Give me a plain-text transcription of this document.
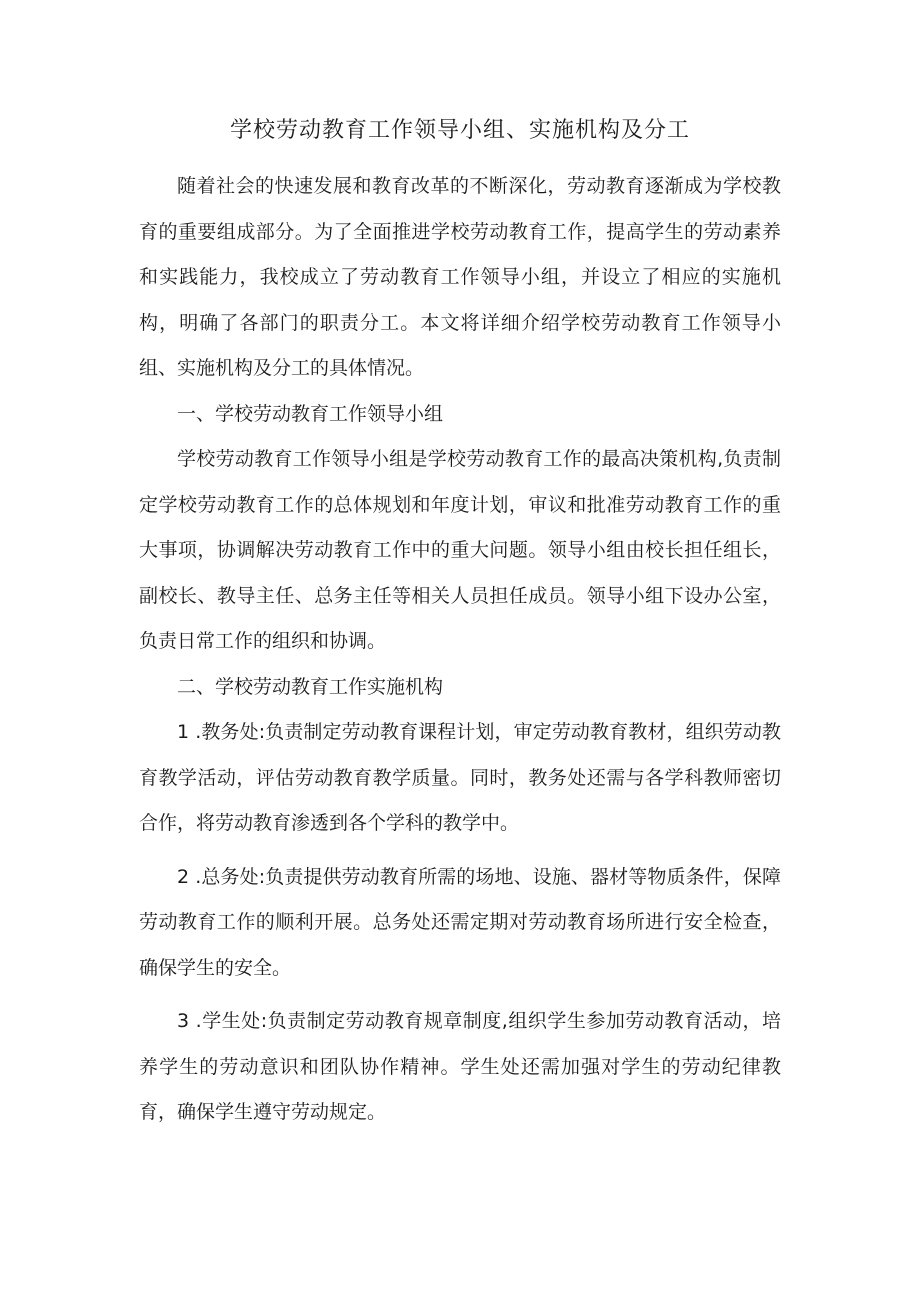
学校劳动教育工作领导小组、实施机构及分工

随着社会的快速发展和教育改革的不断深化，劳动教育逐渐成为学校教育的重要组成部分。为了全面推进学校劳动教育工作，提高学生的劳动素养和实践能力，我校成立了劳动教育工作领导小组，并设立了相应的实施机构，明确了各部门的职责分工。本文将详细介绍学校劳动教育工作领导小组、实施机构及分工的具体情况。

一、学校劳动教育工作领导小组

学校劳动教育工作领导小组是学校劳动教育工作的最高决策机构,负责制定学校劳动教育工作的总体规划和年度计划，审议和批准劳动教育工作的重大事项，协调解决劳动教育工作中的重大问题。领导小组由校长担任组长，副校长、教导主任、总务主任等相关人员担任成员。领导小组下设办公室，负责日常工作的组织和协调。

二、学校劳动教育工作实施机构

1 .教务处:负责制定劳动教育课程计划，审定劳动教育教材，组织劳动教育教学活动，评估劳动教育教学质量。同时，教务处还需与各学科教师密切合作，将劳动教育渗透到各个学科的教学中。

2 .总务处:负责提供劳动教育所需的场地、设施、器材等物质条件，保障劳动教育工作的顺利开展。总务处还需定期对劳动教育场所进行安全检查，确保学生的安全。

3 .学生处:负责制定劳动教育规章制度,组织学生参加劳动教育活动，培养学生的劳动意识和团队协作精神。学生处还需加强对学生的劳动纪律教育，确保学生遵守劳动规定。
